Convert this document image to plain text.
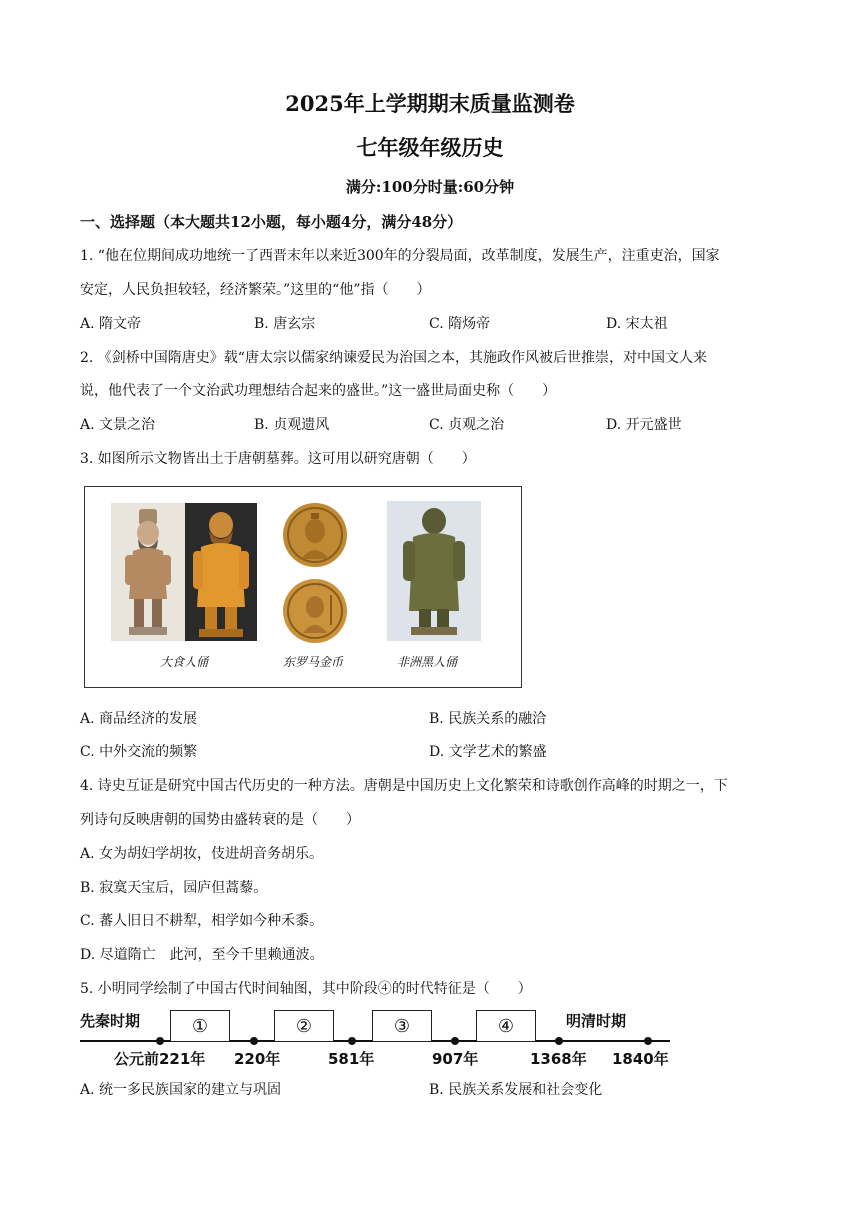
2025年上学期期末质量监测卷
七年级年级历史
满分:100分时量:60分钟
一、选择题（本大题共12小题，每小题4分，满分48分）
1. “他在位期间成功地统一了西晋末年以来近300年的分裂局面，改革制度，发展生产，注重吏治，国家
安定，人民负担较轻，经济繁荣。”这里的“他”指（　　）
A. 隋文帝	B. 唐玄宗	C. 隋炀帝	D. 宋太祖
2. 《剑桥中国隋唐史》载“唐太宗以儒家纳谏爱民为治国之本，其施政作风被后世推崇，对中国文人来
说，他代表了一个文治武功理想结合起来的盛世。”这一盛世局面史称（　　）
A. 文景之治	B. 贞观遗风	C. 贞观之治	D. 开元盛世
3. 如图所示文物皆出土于唐朝墓葬。这可用以研究唐朝（　　）
大食人俑	东罗马金币	非洲黑人俑
A. 商品经济的发展	B. 民族关系的融洽
C. 中外交流的频繁	D. 文学艺术的繁盛
4. 诗史互证是研究中国古代历史的一种方法。唐朝是中国历史上文化繁荣和诗歌创作高峰的时期之一，下
列诗句反映唐朝的国势由盛转衰的是（　　）
A. 女为胡妇学胡妆，伎进胡音务胡乐。
B. 寂寞天宝后，园庐但蒿藜。
C. 蕃人旧日不耕犁，相学如今种禾黍。
D. 尽道隋亡　此河，至今千里赖通波。
5. 小明同学绘制了中国古代时间轴图，其中阶段④的时代特征是（　　）
先秦时期	明清时期
①	②	③	④
公元前221年 220年	581年	907年	1368年 1840年
A. 统一多民族国家的建立与巩固	B. 民族关系发展和社会变化
